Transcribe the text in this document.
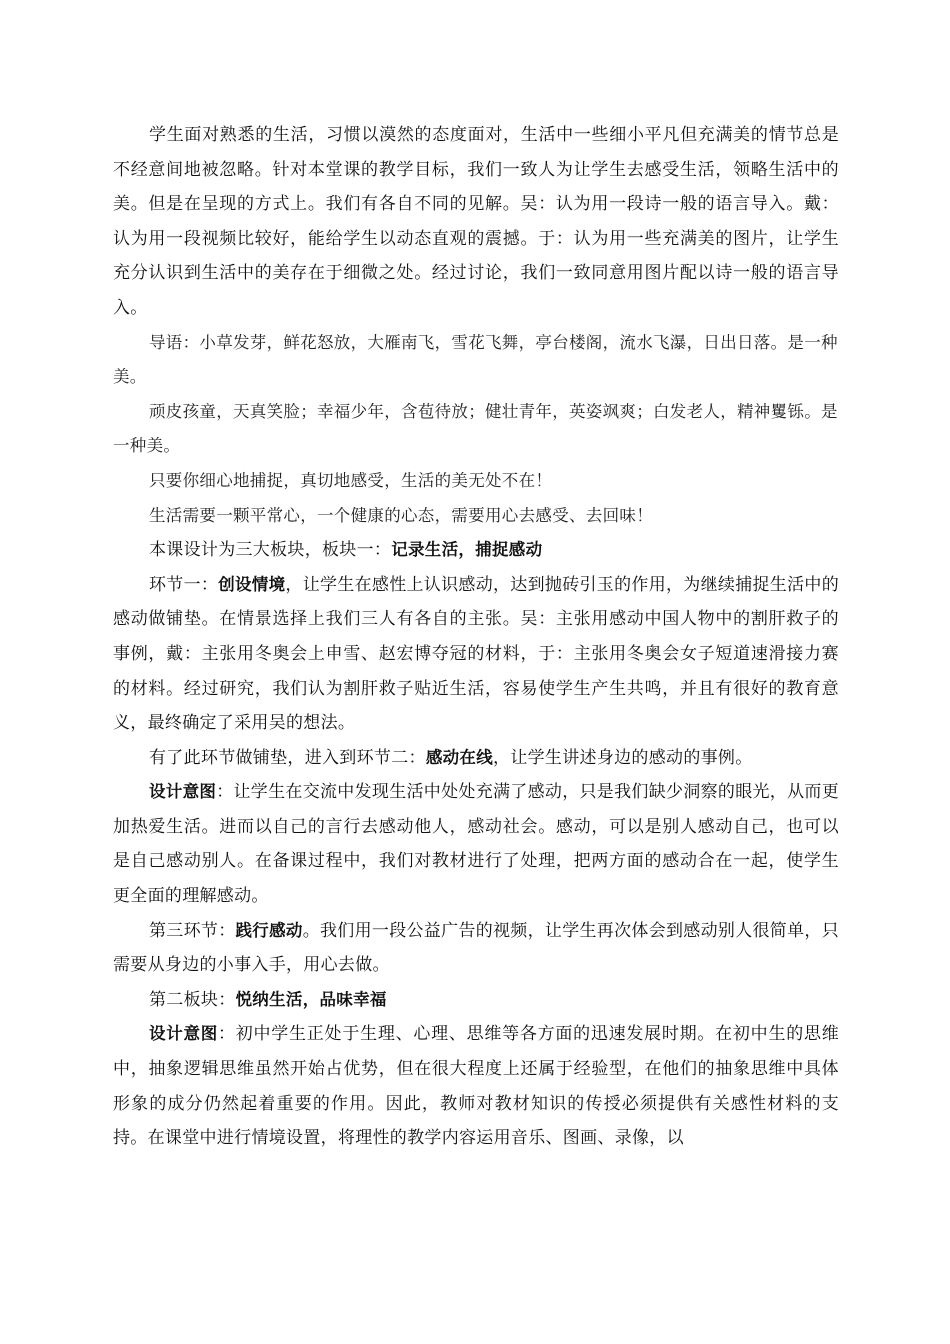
学生面对熟悉的生活，习惯以漠然的态度面对，生活中一些细小平凡但充满美的情节总是不经意间地被忽略。针对本堂课的教学目标，我们一致人为让学生去感受生活，领略生活中的美。但是在呈现的方式上。我们有各自不同的见解。吴：认为用一段诗一般的语言导入。戴：认为用一段视频比较好，能给学生以动态直观的震撼。于：认为用一些充满美的图片，让学生充分认识到生活中的美存在于细微之处。经过讨论，我们一致同意用图片配以诗一般的语言导入。

导语：小草发芽，鲜花怒放，大雁南飞，雪花飞舞，亭台楼阁，流水飞瀑，日出日落。是一种美。

顽皮孩童，天真笑脸；幸福少年，含苞待放；健壮青年，英姿飒爽；白发老人，精神矍铄。是一种美。

只要你细心地捕捉，真切地感受，生活的美无处不在！

生活需要一颗平常心，一个健康的心态，需要用心去感受、去回味！

本课设计为三大板块，板块一：记录生活，捕捉感动

环节一：创设情境，让学生在感性上认识感动，达到抛砖引玉的作用，为继续捕捉生活中的感动做铺垫。在情景选择上我们三人有各自的主张。吴：主张用感动中国人物中的割肝救子的事例，戴：主张用冬奥会上申雪、赵宏博夺冠的材料，于：主张用冬奥会女子短道速滑接力赛的材料。经过研究，我们认为割肝救子贴近生活，容易使学生产生共鸣，并且有很好的教育意义，最终确定了采用吴的想法。

有了此环节做铺垫，进入到环节二：感动在线，让学生讲述身边的感动的事例。

设计意图：让学生在交流中发现生活中处处充满了感动，只是我们缺少洞察的眼光，从而更加热爱生活。进而以自己的言行去感动他人，感动社会。感动，可以是别人感动自己，也可以是自己感动别人。在备课过程中，我们对教材进行了处理，把两方面的感动合在一起，使学生更全面的理解感动。

第三环节：践行感动。我们用一段公益广告的视频，让学生再次体会到感动别人很简单，只需要从身边的小事入手，用心去做。

第二板块：悦纳生活，品味幸福

设计意图：初中学生正处于生理、心理、思维等各方面的迅速发展时期。在初中生的思维中，抽象逻辑思维虽然开始占优势，但在很大程度上还属于经验型，在他们的抽象思维中具体形象的成分仍然起着重要的作用。因此，教师对教材知识的传授必须提供有关感性材料的支持。在课堂中进行情境设置，将理性的教学内容运用音乐、图画、录像，以
